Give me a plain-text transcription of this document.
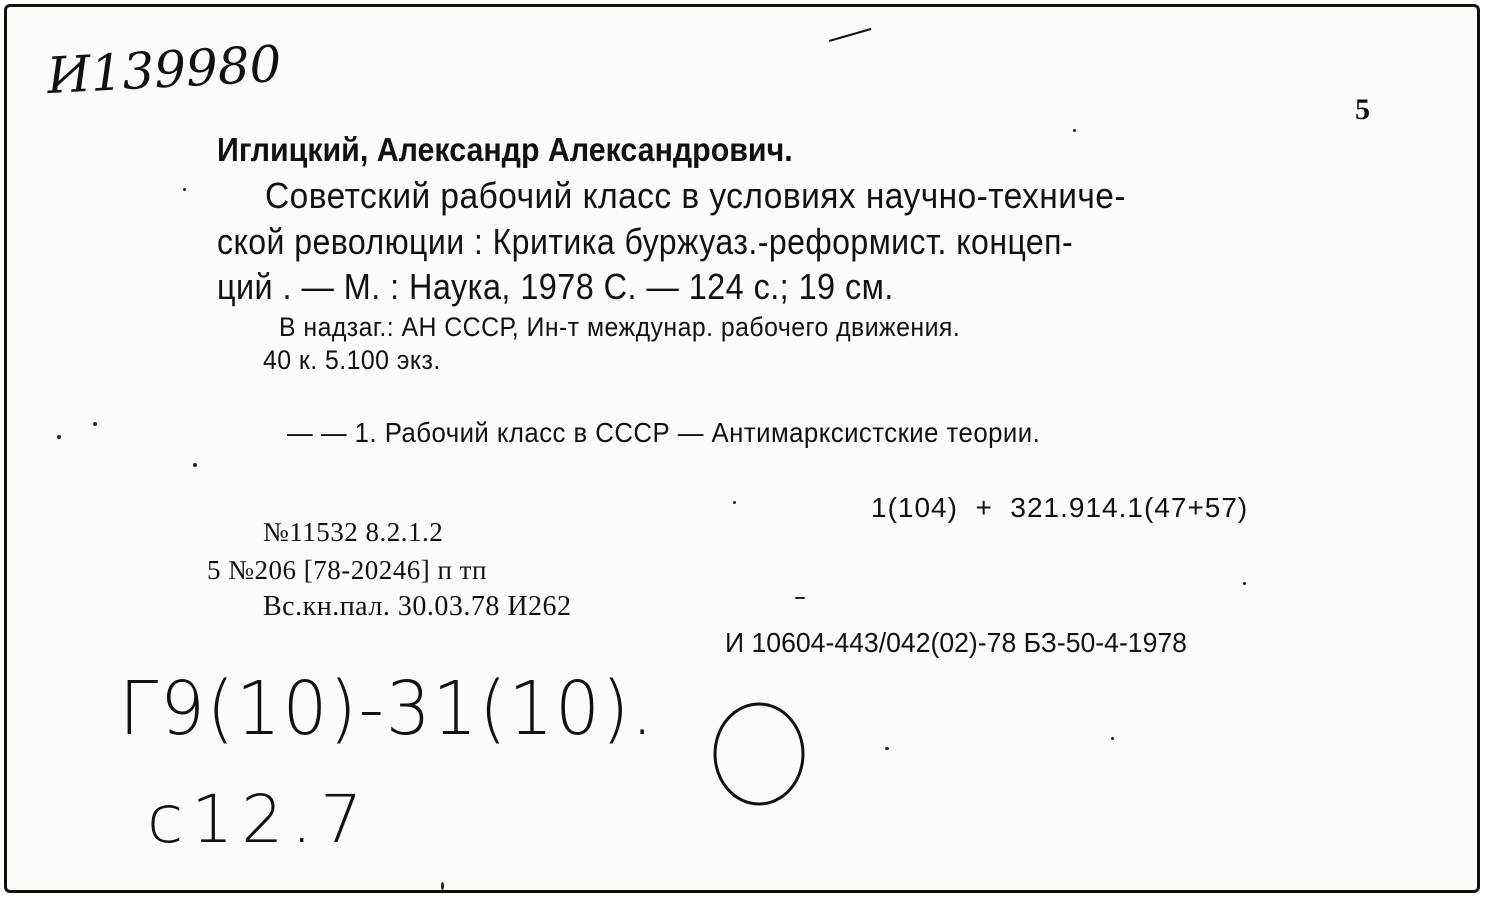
И139980
5
Иглицкий, Александр Александрович.
Советский рабочий класс в условиях научно-техниче-
ской революции : Критика буржуаз.-реформист. концеп-
ций . — М. : Наука, 1978 С. — 124 с.; 19 см.
В надзаг.: АН СССР, Ин-т междунар. рабочего движения.
40 к. 5.100 экз.
— — 1. Рабочий класс в СССР — Антимарксистские теории.
1(104)  +  321.914.1(47+57)
№11532 8.2.1.2
5 №206 [78-20246] п тп
Вс.кн.пал. 30.03.78 И262
И 10604-443/042(02)-78 БЗ-50-4-1978
Г9(10)-31(10).
с12.7
